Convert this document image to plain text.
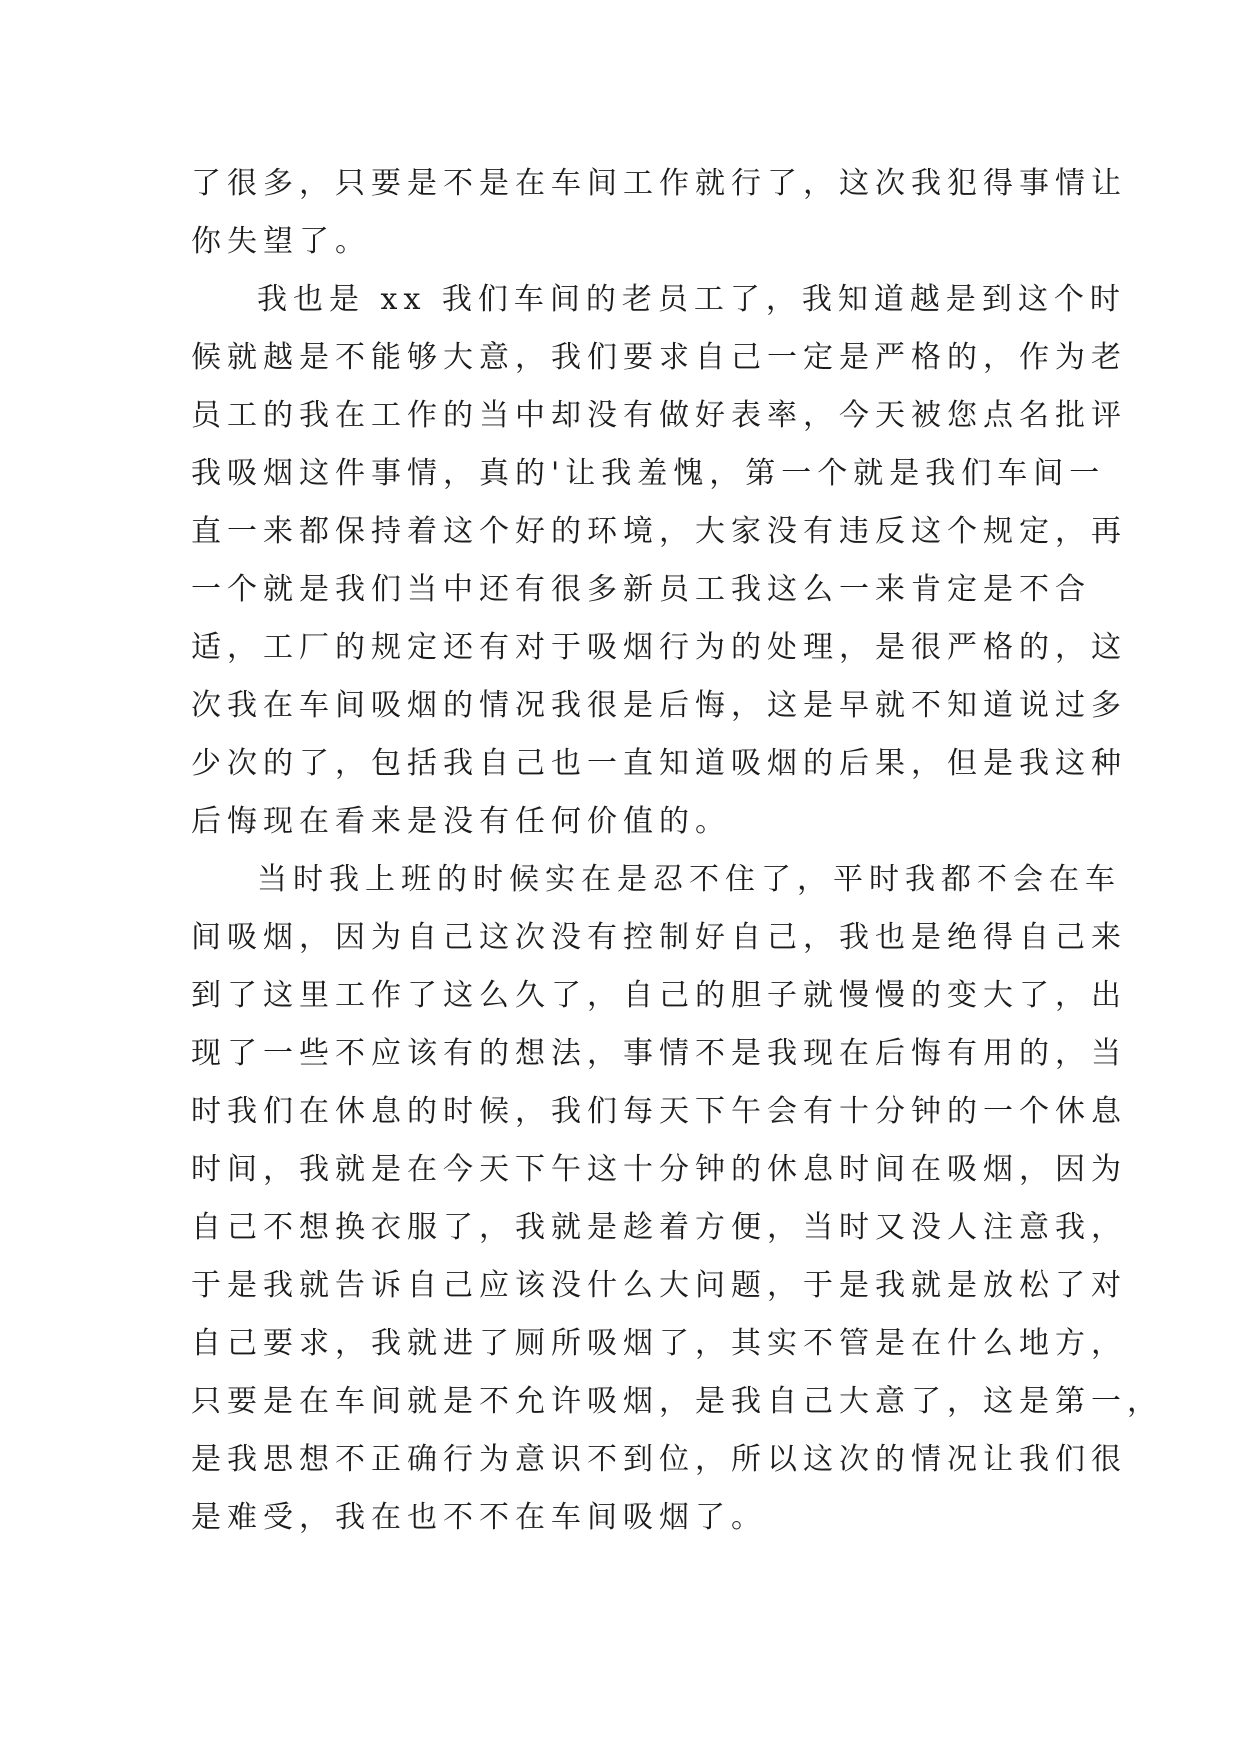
了很多，只要是不是在车间工作就行了，这次我犯得事情让
你失望了。
我也是 xx 我们车间的老员工了，我知道越是到这个时
候就越是不能够大意，我们要求自己一定是严格的，作为老
员工的我在工作的当中却没有做好表率，今天被您点名批评
我吸烟这件事情，真的'让我羞愧，第一个就是我们车间一
直一来都保持着这个好的环境，大家没有违反这个规定，再
一个就是我们当中还有很多新员工我这么一来肯定是不合
适，工厂的规定还有对于吸烟行为的处理，是很严格的，这
次我在车间吸烟的情况我很是后悔，这是早就不知道说过多
少次的了，包括我自己也一直知道吸烟的后果，但是我这种
后悔现在看来是没有任何价值的。
当时我上班的时候实在是忍不住了，平时我都不会在车
间吸烟，因为自己这次没有控制好自己，我也是绝得自己来
到了这里工作了这么久了，自己的胆子就慢慢的变大了，出
现了一些不应该有的想法，事情不是我现在后悔有用的，当
时我们在休息的时候，我们每天下午会有十分钟的一个休息
时间，我就是在今天下午这十分钟的休息时间在吸烟，因为
自己不想换衣服了，我就是趁着方便，当时又没人注意我，
于是我就告诉自己应该没什么大问题，于是我就是放松了对
自己要求，我就进了厕所吸烟了，其实不管是在什么地方，
只要是在车间就是不允许吸烟，是我自己大意了，这是第一，
是我思想不正确行为意识不到位，所以这次的情况让我们很
是难受，我在也不不在车间吸烟了。
